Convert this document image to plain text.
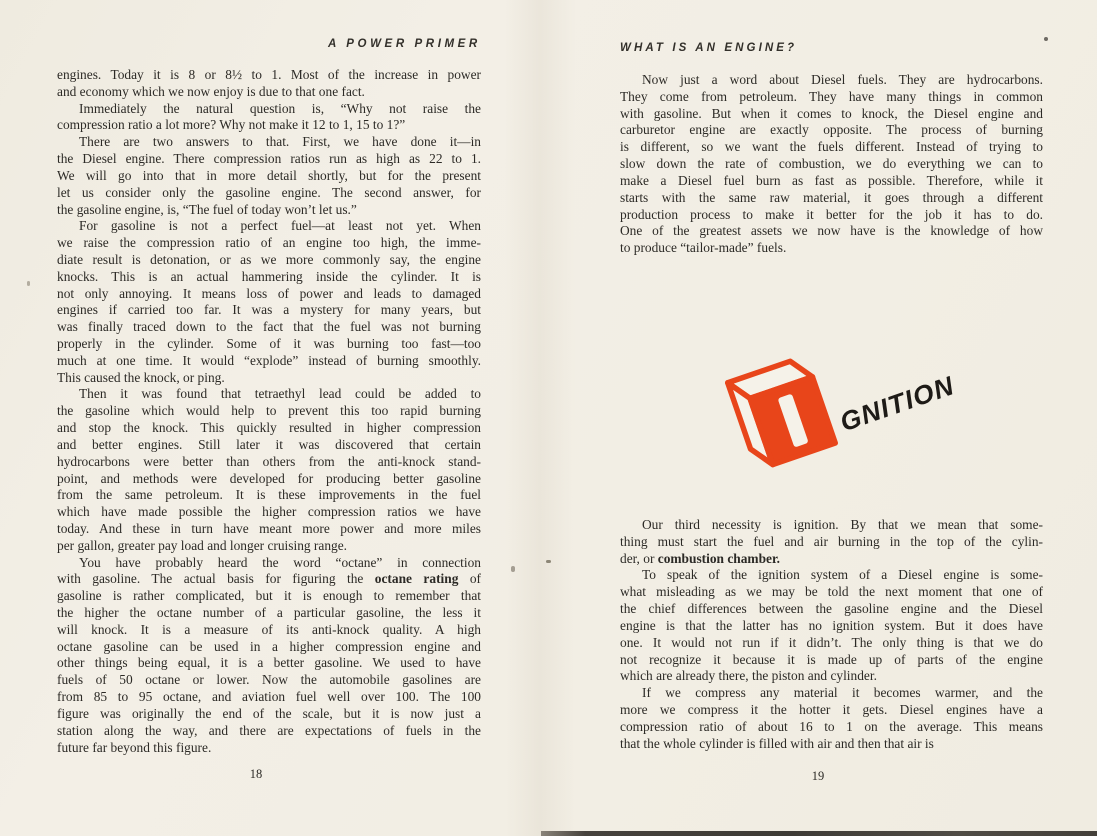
A POWER PRIMER
engines. Today it is 8 or 8½ to 1. Most of the increase in power
and economy which we now enjoy is due to that one fact.
Immediately the natural question is, “Why not raise the
compression ratio a lot more? Why not make it 12 to 1, 15 to 1?”
There are two answers to that. First, we have done it—in
the Diesel engine. There compression ratios run as high as 22 to 1.
We will go into that in more detail shortly, but for the present
let us consider only the gasoline engine. The second answer, for
the gasoline engine, is, “The fuel of today won’t let us.”
For gasoline is not a perfect fuel—at least not yet. When
we raise the compression ratio of an engine too high, the imme-
diate result is detonation, or as we more commonly say, the engine
knocks. This is an actual hammering inside the cylinder. It is
not only annoying. It means loss of power and leads to damaged
engines if carried too far. It was a mystery for many years, but
was finally traced down to the fact that the fuel was not burning
properly in the cylinder. Some of it was burning too fast—too
much at one time. It would “explode” instead of burning smoothly.
This caused the knock, or ping.
Then it was found that tetraethyl lead could be added to
the gasoline which would help to prevent this too rapid burning
and stop the knock. This quickly resulted in higher compression
and better engines. Still later it was discovered that certain
hydrocarbons were better than others from the anti-knock stand-
point, and methods were developed for producing better gasoline
from the same petroleum. It is these improvements in the fuel
which have made possible the higher compression ratios we have
today. And these in turn have meant more power and more miles
per gallon, greater pay load and longer cruising range.
You have probably heard the word “octane” in connection
with gasoline. The actual basis for figuring the octane rating of
gasoline is rather complicated, but it is enough to remember that
the higher the octane number of a particular gasoline, the less it
will knock. It is a measure of its anti-knock quality. A high
octane gasoline can be used in a higher compression engine and
other things being equal, it is a better gasoline. We used to have
fuels of 50 octane or lower. Now the automobile gasolines are
from 85 to 95 octane, and aviation fuel well over 100. The 100
figure was originally the end of the scale, but it is now just a
station along the way, and there are expectations of fuels in the
future far beyond this figure.
18
WHAT IS AN ENGINE?
Now just a word about Diesel fuels. They are hydrocarbons.
They come from petroleum. They have many things in common
with gasoline. But when it comes to knock, the Diesel engine and
carburetor engine are exactly opposite. The process of burning
is different, so we want the fuels different. Instead of trying to
slow down the rate of combustion, we do everything we can to
make a Diesel fuel burn as fast as possible. Therefore, while it
starts with the same raw material, it goes through a different
production process to make it better for the job it has to do.
One of the greatest assets we now have is the knowledge of how
to produce “tailor-made” fuels.
Our third necessity is ignition. By that we mean that some-
thing must start the fuel and air burning in the top of the cylin-
der, or combustion chamber.
To speak of the ignition system of a Diesel engine is some-
what misleading as we may be told the next moment that one of
the chief differences between the gasoline engine and the Diesel
engine is that the latter has no ignition system. But it does have
one. It would not run if it didn’t. The only thing is that we do
not recognize it because it is made up of parts of the engine
which are already there, the piston and cylinder.
If we compress any material it becomes warmer, and the
more we compress it the hotter it gets. Diesel engines have a
compression ratio of about 16 to 1 on the average. This means
that the whole cylinder is filled with air and then that air is
19
GNITION
